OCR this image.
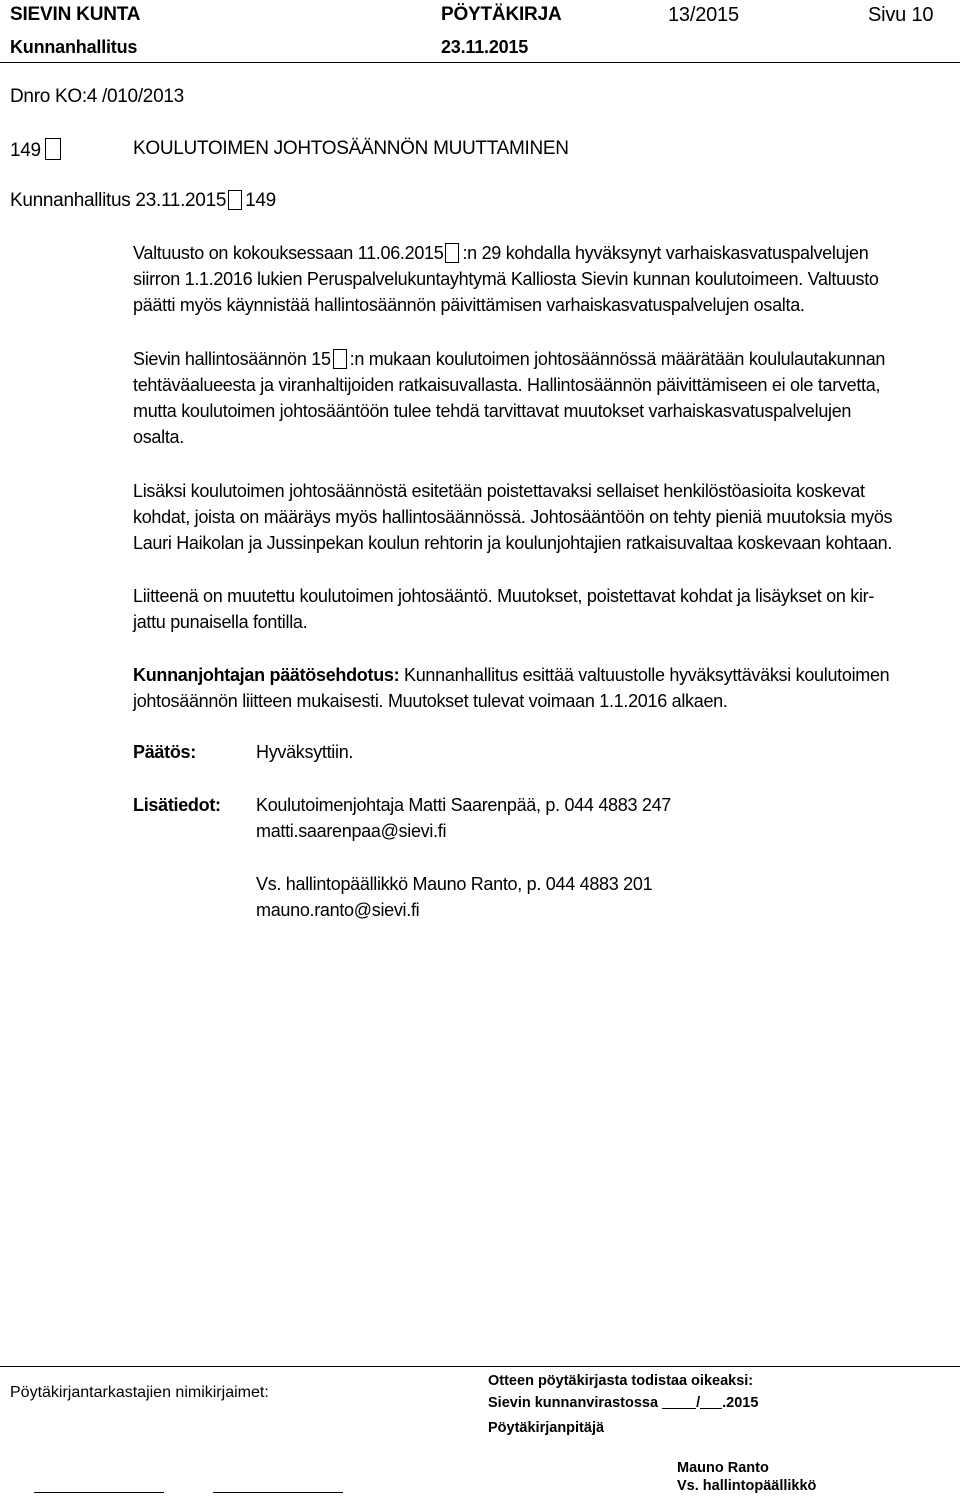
SIEVIN KUNTA	PÖYTÄKIRJA	13/2015	Sivu 10
Kunnanhallitus	23.11.2015
Dnro KO:4 /010/2013
149	KOULUTOIMEN JOHTOSÄÄNNÖN MUUTTAMINEN
Kunnanhallitus 23.11.2015 149
Valtuusto on kokouksessaan 11.06.2015 :n 29 kohdalla hyväksynyt varhaiskasvatuspalvelujen
siirron 1.1.2016 lukien Peruspalvelukuntayhtymä Kalliosta Sievin kunnan koulutoimeen. Valtuusto
päätti myös käynnistää hallintosäännön päivittämisen varhaiskasvatuspalvelujen osalta.
Sievin hallintosäännön 15 :n mukaan koulutoimen johtosäännössä määrätään koululautakunnan
tehtäväalueesta ja viranhaltijoiden ratkaisuvallasta. Hallintosäännön päivittämiseen ei ole tarvetta,
mutta koulutoimen johtosääntöön tulee tehdä tarvittavat muutokset varhaiskasvatuspalvelujen
osalta.
Lisäksi koulutoimen johtosäännöstä esitetään poistettavaksi sellaiset henkilöstöasioita koskevat
kohdat, joista on määräys myös hallintosäännössä. Johtosääntöön on tehty pieniä muutoksia myös
Lauri Haikolan ja Jussinpekan koulun rehtorin ja koulunjohtajien ratkaisuvaltaa koskevaan kohtaan.
Liitteenä on muutettu koulutoimen johtosääntö. Muutokset, poistettavat kohdat ja lisäykset on kir-
jattu punaisella fontilla.
Kunnanjohtajan päätösehdotus: Kunnanhallitus esittää valtuustolle hyväksyttäväksi koulutoimen
johtosäännön liitteen mukaisesti. Muutokset tulevat voimaan 1.1.2016 alkaen.
Päätös:	Hyväksyttiin.
Lisätiedot: Koulutoimenjohtaja Matti Saarenpää, p. 044 4883 247
matti.saarenpaa@sievi.fi
Vs. hallintopäällikkö Mauno Ranto, p. 044 4883 201
mauno.ranto@sievi.fi
Pöytäkirjantarkastajien nimikirjaimet:
Otteen pöytäkirjasta todistaa oikeaksi:
Sievin kunnanvirastossa	/ .2015
Pöytäkirjanpitäjä
Mauno Ranto
Vs. hallintopäällikkö
